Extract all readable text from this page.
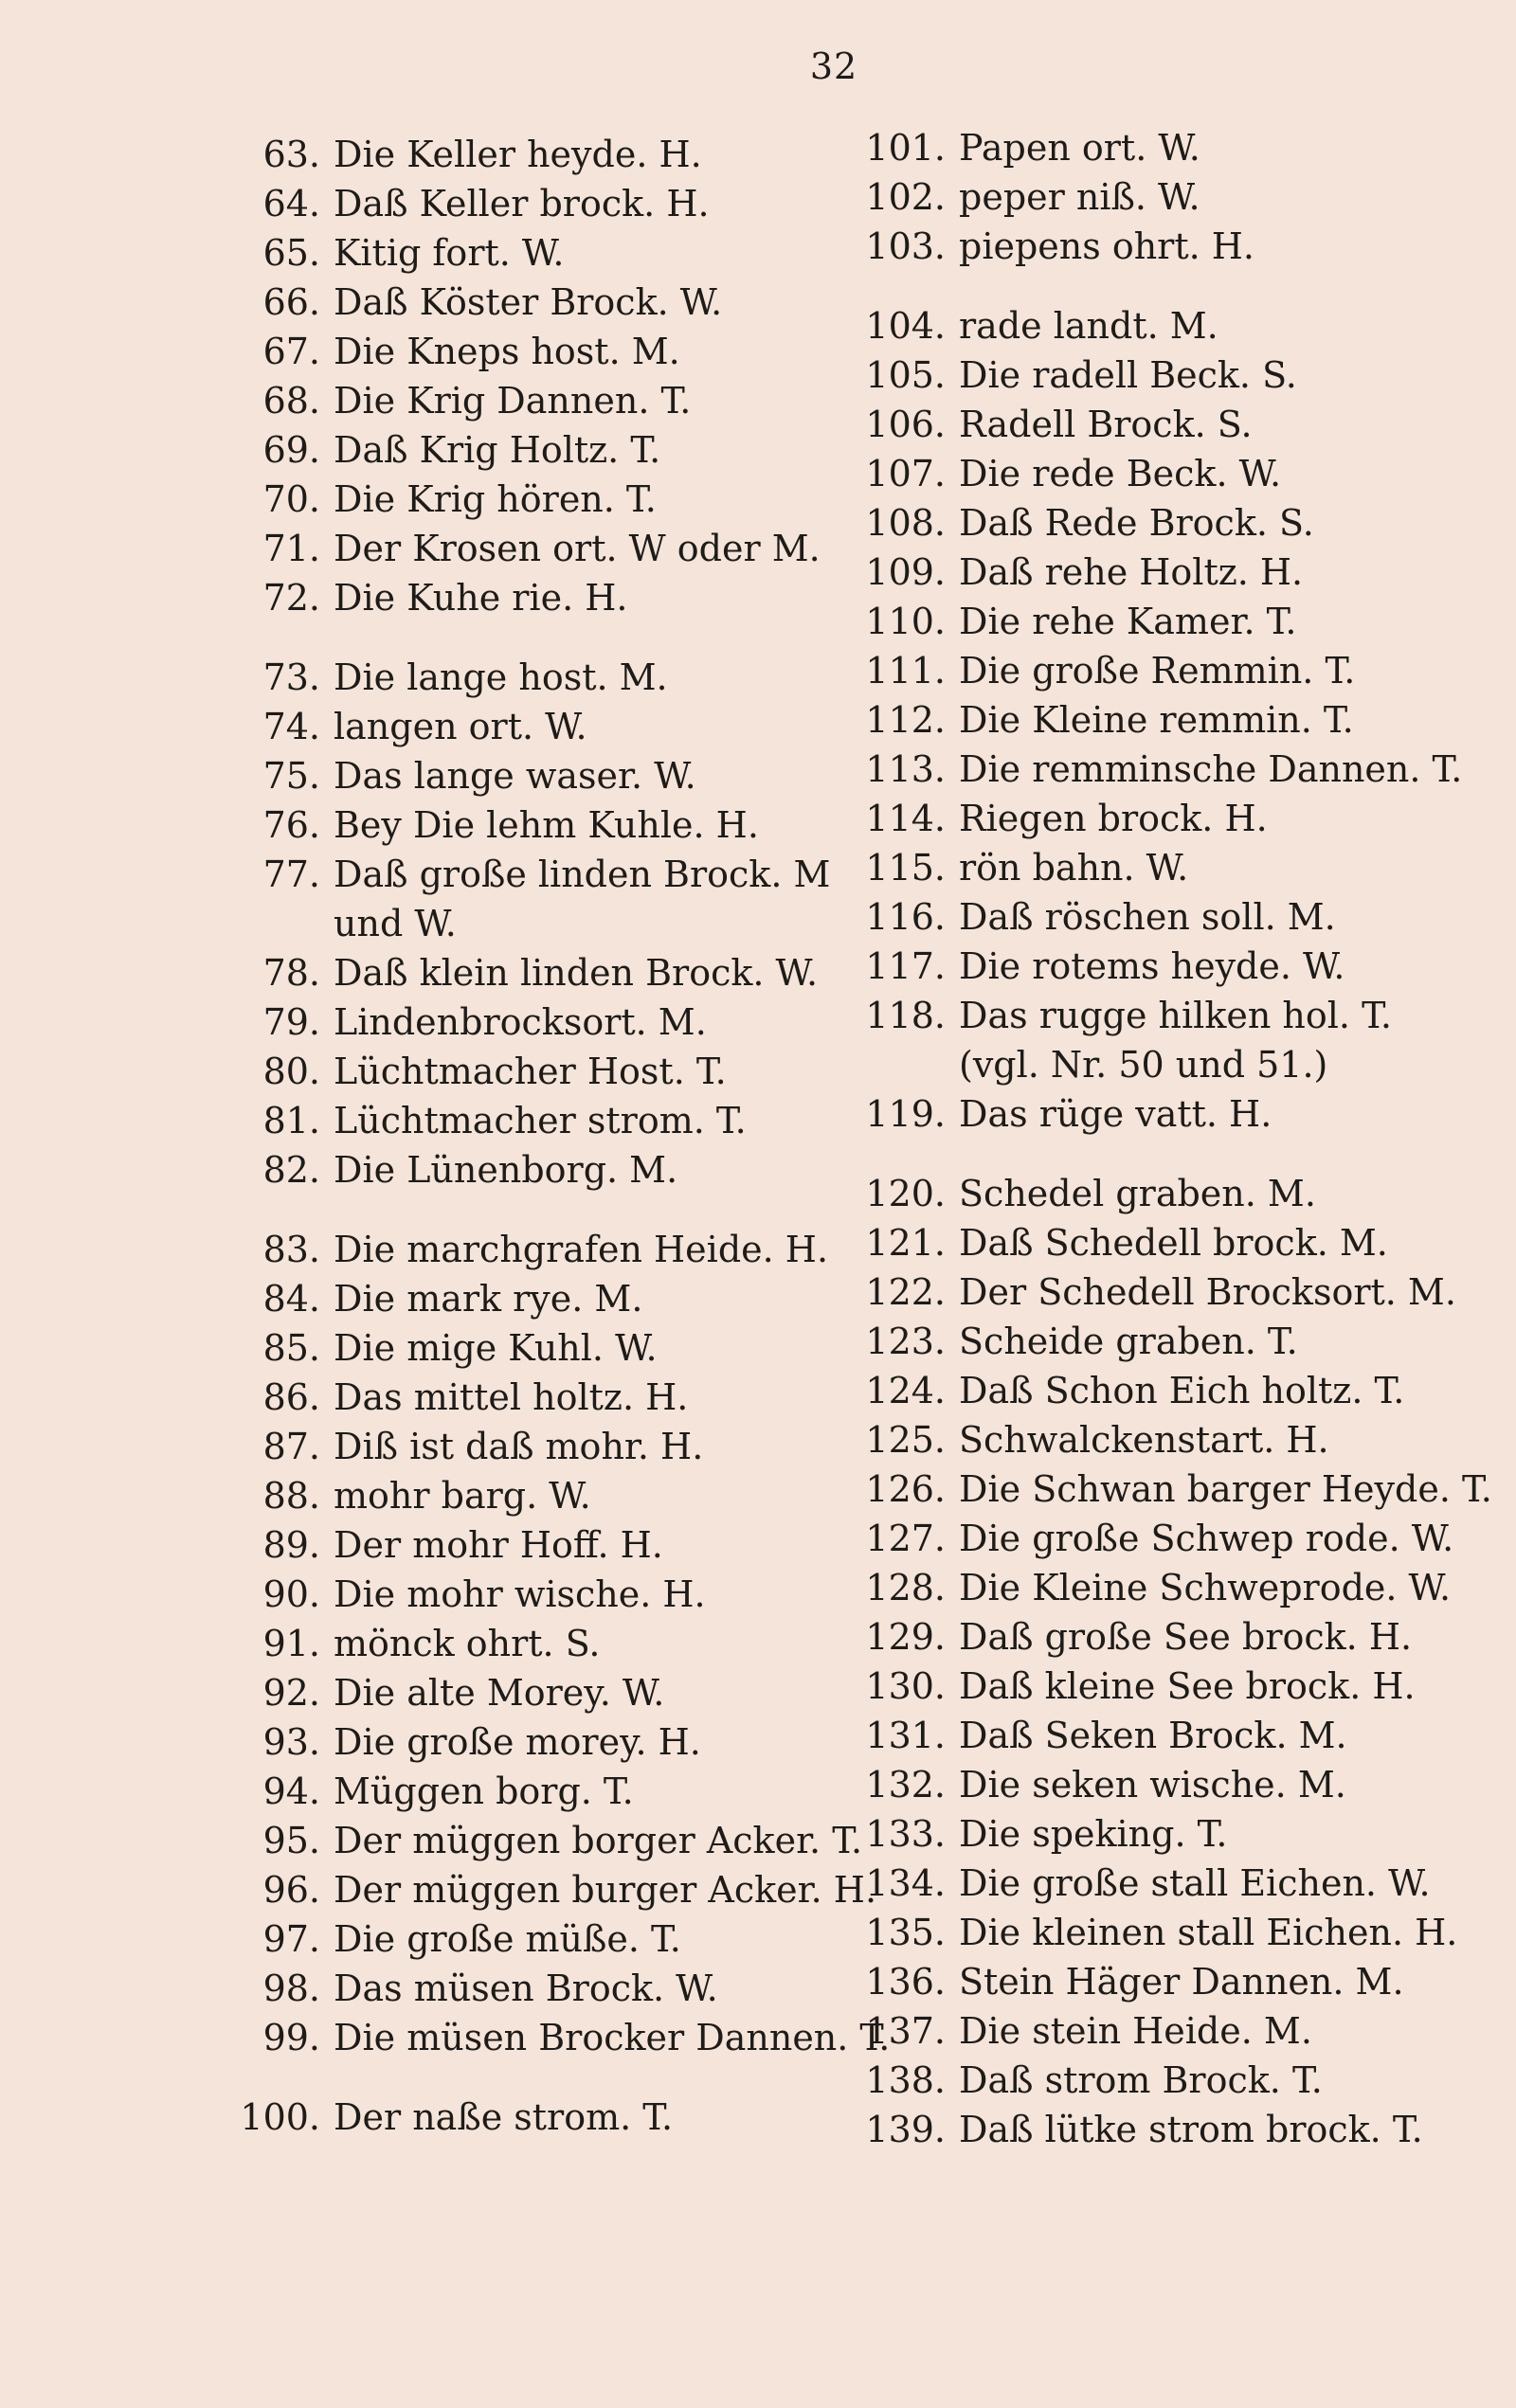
32
63. Die Keller heyde. H.
64. Daß Keller brock. H.
65. Kitig fort. W.
66. Daß Köster Brock. W.
67. Die Kneps host. M.
68. Die Krig Dannen. T.
69. Daß Krig Holtz. T.
70. Die Krig hören. T.
71. Der Krosen ort. W oder M.
72. Die Kuhe rie. H.
73. Die lange host. M.
74. langen ort. W.
75. Das lange waser. W.
76. Bey Die lehm Kuhle. H.
77. Daß große linden Brock. M
und W.
78. Daß klein linden Brock. W.
79. Lindenbrocksort. M.
80. Lüchtmacher Host. T.
81. Lüchtmacher strom. T.
82. Die Lünenborg. M.
83. Die marchgrafen Heide. H.
84. Die mark rye. M.
85. Die mige Kuhl. W.
86. Das mittel holtz. H.
87. Diß ist daß mohr. H.
88. mohr barg. W.
89. Der mohr Hoff. H.
90. Die mohr wische. H.
91. mönck ohrt. S.
92. Die alte Morey. W.
93. Die große morey. H.
94. Müggen borg. T.
95. Der müggen borger Acker. T.
96. Der müggen burger Acker. H.
97. Die große müße. T.
98. Das müsen Brock. W.
99. Die müsen Brocker Dannen. T.
100. Der naße strom. T.
101. Papen ort. W.
102. peper niß. W.
103. piepens ohrt. H.
104. rade landt. M.
105. Die radell Beck. S.
106. Radell Brock. S.
107. Die rede Beck. W.
108. Daß Rede Brock. S.
109. Daß rehe Holtz. H.
110. Die rehe Kamer. T.
111. Die große Remmin. T.
112. Die Kleine remmin. T.
113. Die remminsche Dannen. T.
114. Riegen brock. H.
115. rön bahn. W.
116. Daß röschen soll. M.
117. Die rotems heyde. W.
118. Das rugge hilken hol. T.
(vgl. Nr. 50 und 51.)
119. Das rüge vatt. H.
120. Schedel graben. M.
121. Daß Schedell brock. M.
122. Der Schedell Brocksort. M.
123. Scheide graben. T.
124. Daß Schon Eich holtz. T.
125. Schwalckenstart. H.
126. Die Schwan barger Heyde. T.
127. Die große Schwep rode. W.
128. Die Kleine Schweprode. W.
129. Daß große See brock. H.
130. Daß kleine See brock. H.
131. Daß Seken Brock. M.
132. Die seken wische. M.
133. Die speking. T.
134. Die große stall Eichen. W.
135. Die kleinen stall Eichen. H.
136. Stein Häger Dannen. M.
137. Die stein Heide. M.
138. Daß strom Brock. T.
139. Daß lütke strom brock. T.
